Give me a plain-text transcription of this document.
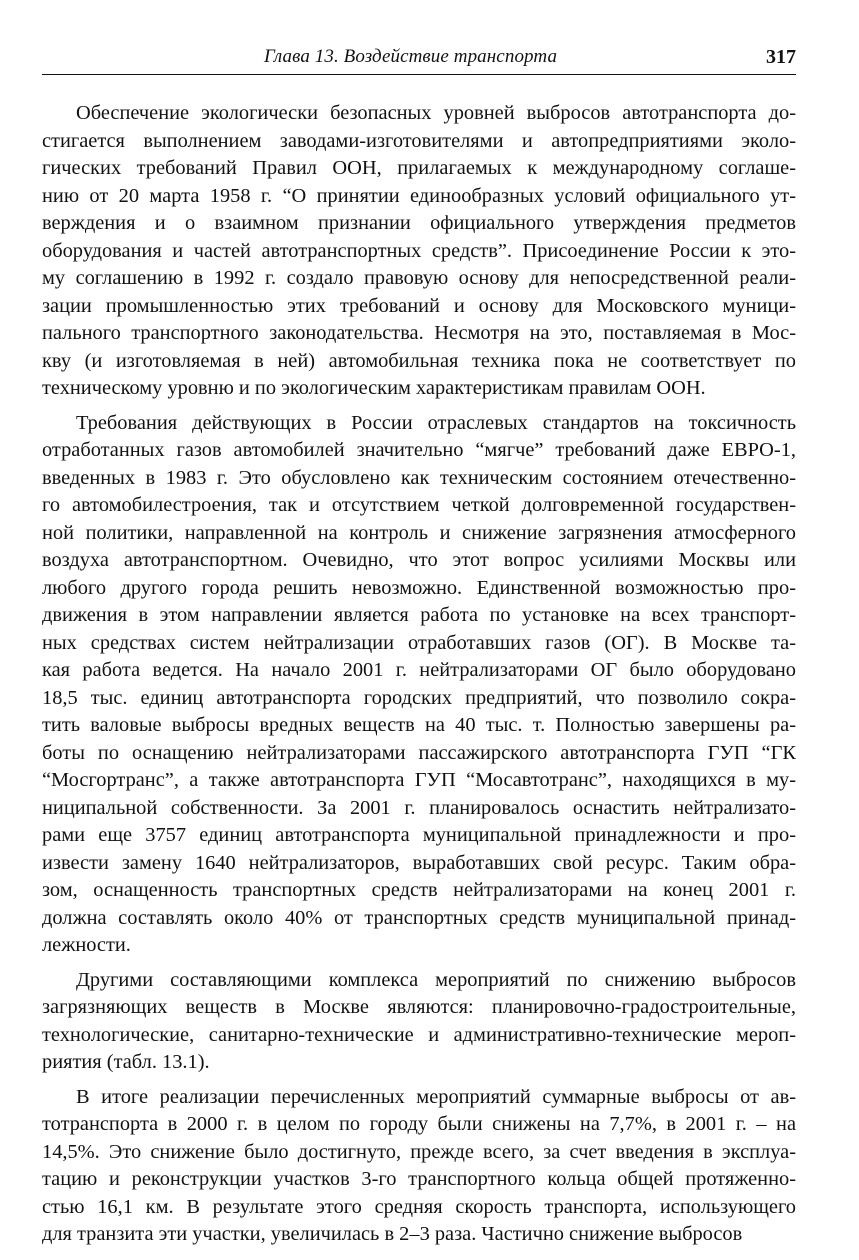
Глава 13. Воздействие транспорта	317
Обеспечение экологически безопасных уровней выбросов автотранспорта до-
стигается выполнением заводами-изготовителями и автопредприятиями эколо-
гических требований Правил ООН, прилагаемых к международному соглаше-
нию от 20 марта 1958 г. “О принятии единообразных условий официального ут-
верждения и о взаимном признании официального утверждения предметов
оборудования и частей автотранспортных средств”. Присоединение России к это-
му соглашению в 1992 г. создало правовую основу для непосредственной реали-
зации промышленностью этих требований и основу для Московского муници-
пального транспортного законодательства. Несмотря на это, поставляемая в Мос-
кву (и изготовляемая в ней) автомобильная техника пока не соответствует по
техническому уровню и по экологическим характеристикам правилам ООН.
Требования действующих в России отраслевых стандартов на токсичность
отработанных газов автомобилей значительно “мягче” требований даже ЕВРО-1,
введенных в 1983 г. Это обусловлено как техническим состоянием отечественно-
го автомобилестроения, так и отсутствием четкой долговременной государствен-
ной политики, направленной на контроль и снижение загрязнения атмосферного
воздуха автотранспортном. Очевидно, что этот вопрос усилиями Москвы или
любого другого города решить невозможно. Единственной возможностью про-
движения в этом направлении является работа по установке на всех транспорт-
ных средствах систем нейтрализации отработавших газов (ОГ). В Москве та-
кая работа ведется. На начало 2001 г. нейтрализаторами ОГ было оборудовано
18,5 тыс. единиц автотранспорта городских предприятий, что позволило сокра-
тить валовые выбросы вредных веществ на 40 тыс. т. Полностью завершены ра-
боты по оснащению нейтрализаторами пассажирского автотранспорта ГУП “ГК
“Мосгортранс”, а также автотранспорта ГУП “Мосавтотранс”, находящихся в му-
ниципальной собственности. За 2001 г. планировалось оснастить нейтрализато-
рами еще 3757 единиц автотранспорта муниципальной принадлежности и про-
извести замену 1640 нейтрализаторов, выработавших свой ресурс. Таким обра-
зом, оснащенность транспортных средств нейтрализаторами на конец 2001 г.
должна составлять около 40% от транспортных средств муниципальной принад-
лежности.
Другими составляющими комплекса мероприятий по снижению выбросов
загрязняющих веществ в Москве являются: планировочно-градостроительные,
технологические, санитарно-технические и административно-технические мероп-
риятия (табл. 13.1).
В итоге реализации перечисленных мероприятий суммарные выбросы от ав-
тотранспорта в 2000 г. в целом по городу были снижены на 7,7%, в 2001 г. – на
14,5%. Это снижение было достигнуто, прежде всего, за счет введения в эксплуа-
тацию и реконструкции участков 3-го транспортного кольца общей протяженно-
стью 16,1 км. В результате этого средняя скорость транспорта, использующего
для транзита эти участки, увеличилась в 2–3 раза. Частично снижение выбросов
